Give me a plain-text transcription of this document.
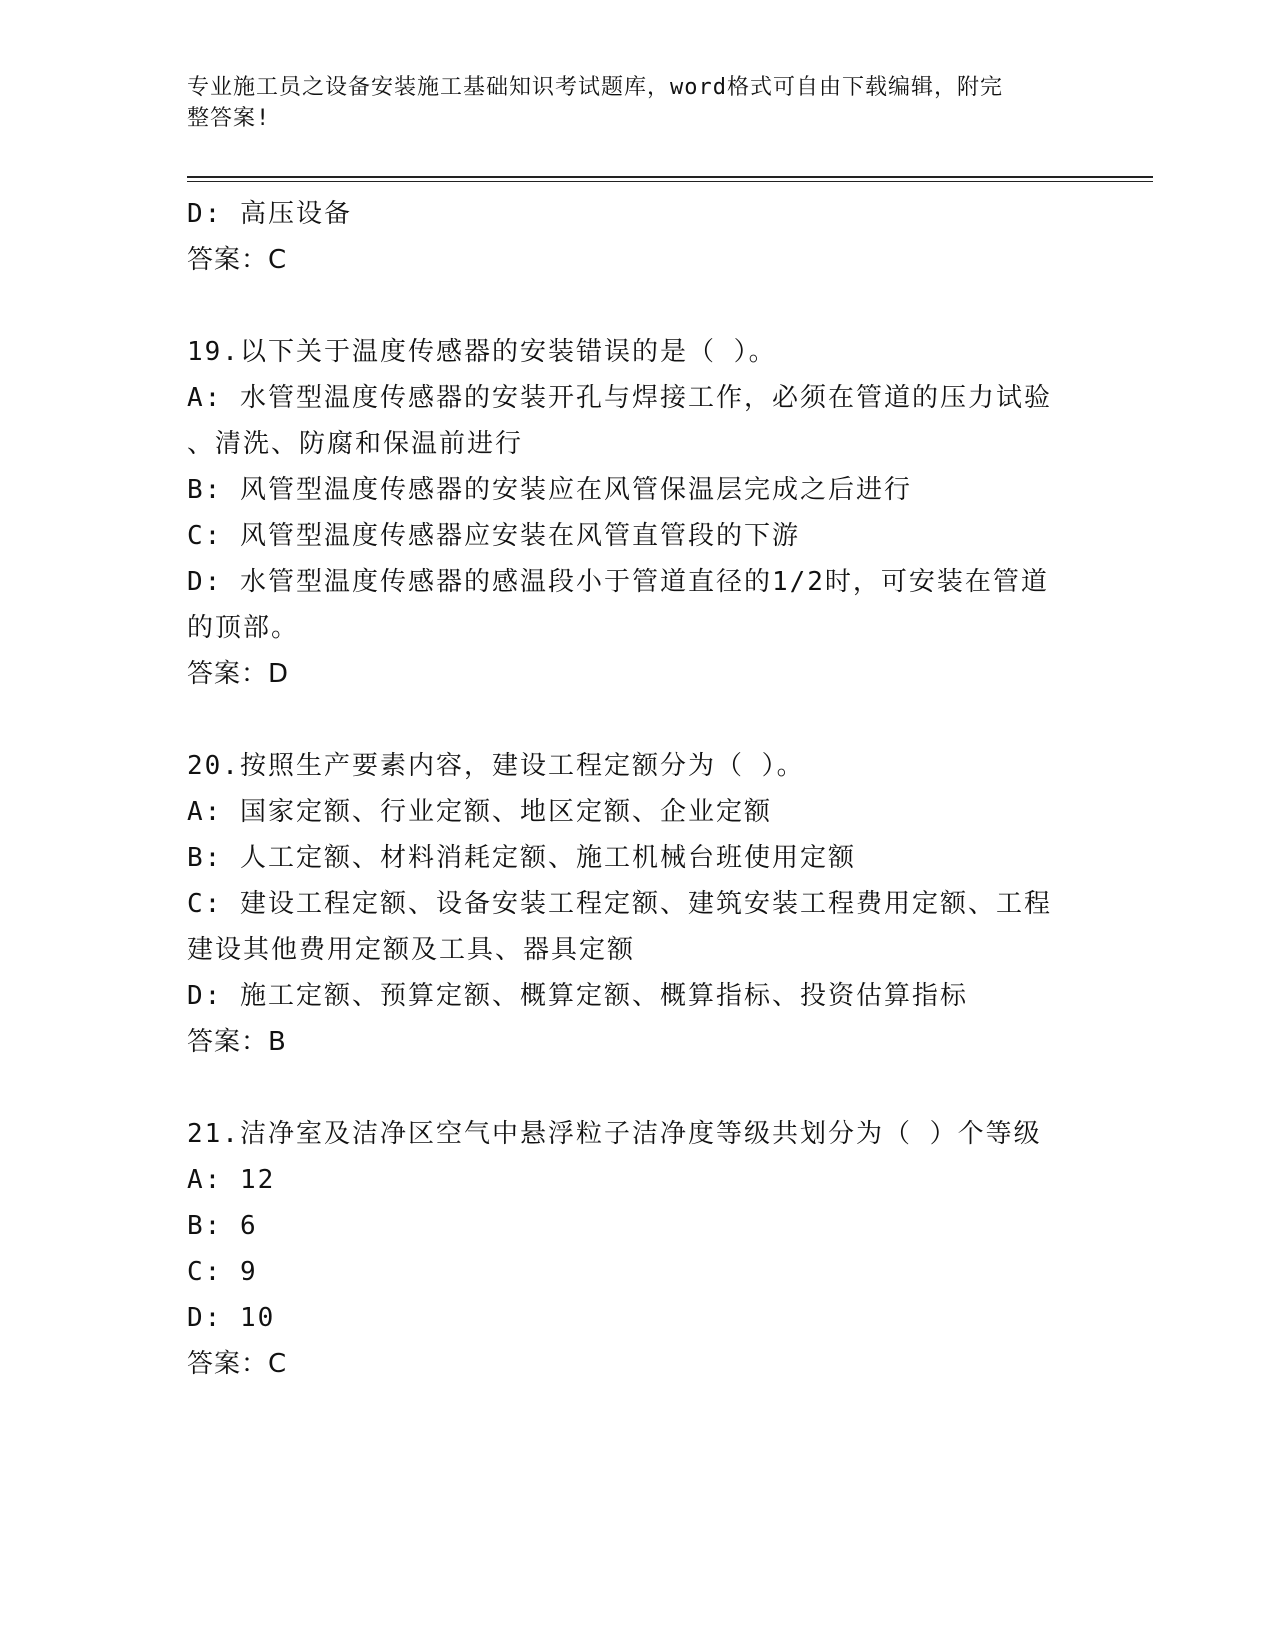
专业施工员之设备安装施工基础知识考试题库，word格式可自由下载编辑，附完
整答案!
D: 高压设备
答案：C
19.以下关于温度传感器的安装错误的是（ ）。
A: 水管型温度传感器的安装开孔与焊接工作，必须在管道的压力试验
、清洗、防腐和保温前进行
B: 风管型温度传感器的安装应在风管保温层完成之后进行
C: 风管型温度传感器应安装在风管直管段的下游
D: 水管型温度传感器的感温段小于管道直径的1/2时，可安装在管道
的顶部。
答案：D
20.按照生产要素内容，建设工程定额分为（ ）。
A: 国家定额、行业定额、地区定额、企业定额
B: 人工定额、材料消耗定额、施工机械台班使用定额
C: 建设工程定额、设备安装工程定额、建筑安装工程费用定额、工程
建设其他费用定额及工具、器具定额
D: 施工定额、预算定额、概算定额、概算指标、投资估算指标
答案：B
21.洁净室及洁净区空气中悬浮粒子洁净度等级共划分为（ ）个等级
A: 12
B: 6
C: 9
D: 10
答案：C
